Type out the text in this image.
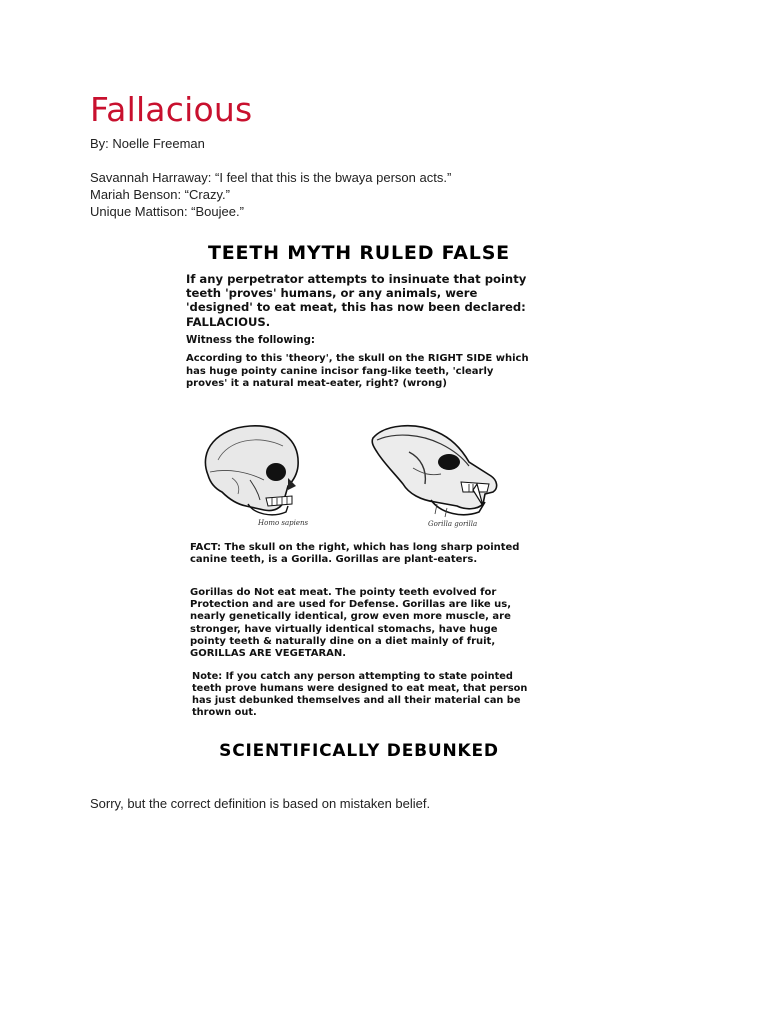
Fallacious
By: Noelle Freeman
Savannah Harraway: “I feel that this is the bwaya person acts.”
Mariah Benson: “Crazy.”
Unique Mattison: “Boujee.”
TEETH MYTH RULED FALSE

If any perpetrator attempts to insinuate that pointy teeth 'proves' humans, or any animals, were 'designed' to eat meat, this has now been declared: FALLACIOUS.

Witness the following:

According to this 'theory', the skull on the RIGHT SIDE which has huge pointy canine incisor fang-like teeth, 'clearly proves' it a natural meat-eater, right? (wrong)

Homo sapiens	Gorilla gorilla

FACT: The skull on the right, which has long sharp pointed canine teeth, is a Gorilla. Gorillas are plant-eaters.

Gorillas do Not eat meat. The pointy teeth evolved for Protection and are used for Defense. Gorillas are like us, nearly genetically identical, grow even more muscle, are stronger, have virtually identical stomachs, have huge pointy teeth & naturally dine on a diet mainly of fruit, GORILLAS ARE VEGETARAN.

Note: If you catch any person attempting to state pointed teeth prove humans were designed to eat meat, that person has just debunked themselves and all their material can be thrown out.

SCIENTIFICALLY DEBUNKED
Sorry, but the correct definition is based on mistaken belief.
